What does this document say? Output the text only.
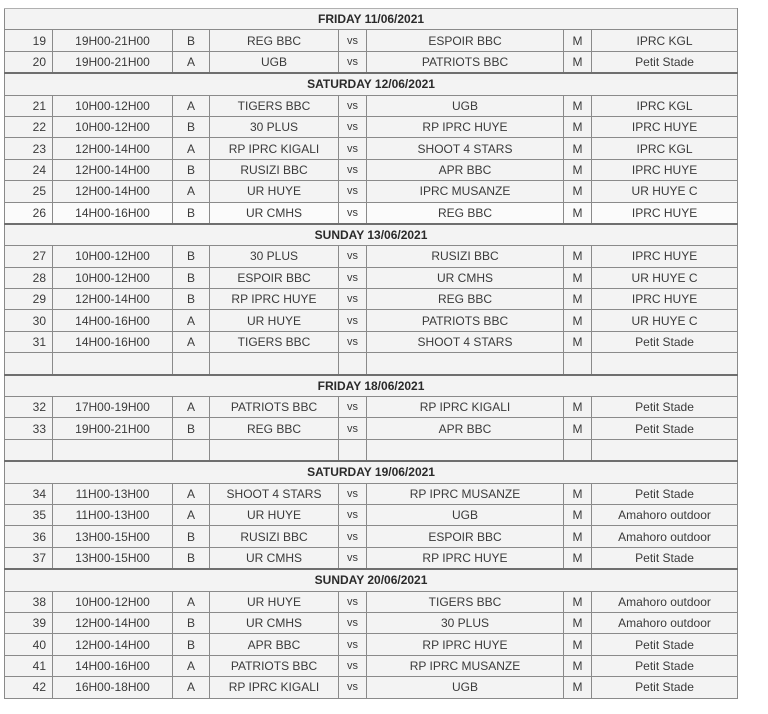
FRIDAY 11/06/2021							
19	19H00-21H00	B	REG BBC	vs	ESPOIR BBC	M	IPRC KGL
20	19H00-21H00	A	UGB	vs	PATRIOTS BBC	M	Petit Stade
SATURDAY 12/06/2021							
21	10H00-12H00	A	TIGERS BBC	vs	UGB	M	IPRC KGL
22	10H00-12H00	B	30 PLUS	vs	RP IPRC HUYE	M	IPRC HUYE
23	12H00-14H00	A	RP IPRC KIGALI	vs	SHOOT 4 STARS	M	IPRC KGL
24	12H00-14H00	B	RUSIZI BBC	vs	APR BBC	M	IPRC HUYE
25	12H00-14H00	A	UR HUYE	vs	IPRC MUSANZE	M	UR HUYE C
26	14H00-16H00	B	UR CMHS	vs	REG BBC	M	IPRC HUYE
SUNDAY 13/06/2021							
27	10H00-12H00	B	30 PLUS	vs	RUSIZI BBC	M	IPRC HUYE
28	10H00-12H00	B	ESPOIR BBC	vs	UR CMHS	M	UR HUYE C
29	12H00-14H00	B	RP IPRC HUYE	vs	REG BBC	M	IPRC HUYE
30	14H00-16H00	A	UR HUYE	vs	PATRIOTS BBC	M	UR HUYE C
31	14H00-16H00	A	TIGERS BBC	vs	SHOOT 4 STARS	M	Petit Stade

FRIDAY 18/06/2021							
32	17H00-19H00	A	PATRIOTS BBC	vs	RP IPRC KIGALI	M	Petit Stade
33	19H00-21H00	B	REG BBC	vs	APR BBC	M	Petit Stade

SATURDAY 19/06/2021							
34	11H00-13H00	A	SHOOT 4 STARS	vs	RP IPRC MUSANZE	M	Petit Stade
35	11H00-13H00	A	UR HUYE	vs	UGB	M	Amahoro outdoor
36	13H00-15H00	B	RUSIZI BBC	vs	ESPOIR BBC	M	Amahoro outdoor
37	13H00-15H00	B	UR CMHS	vs	RP IPRC HUYE	M	Petit Stade
SUNDAY 20/06/2021							
38	10H00-12H00	A	UR HUYE	vs	TIGERS BBC	M	Amahoro outdoor
39	12H00-14H00	B	UR CMHS	vs	30 PLUS	M	Amahoro outdoor
40	12H00-14H00	B	APR BBC	vs	RP IPRC HUYE	M	Petit Stade
41	14H00-16H00	A	PATRIOTS BBC	vs	RP IPRC MUSANZE	M	Petit Stade
42	16H00-18H00	A	RP IPRC KIGALI	vs	UGB	M	Petit Stade
